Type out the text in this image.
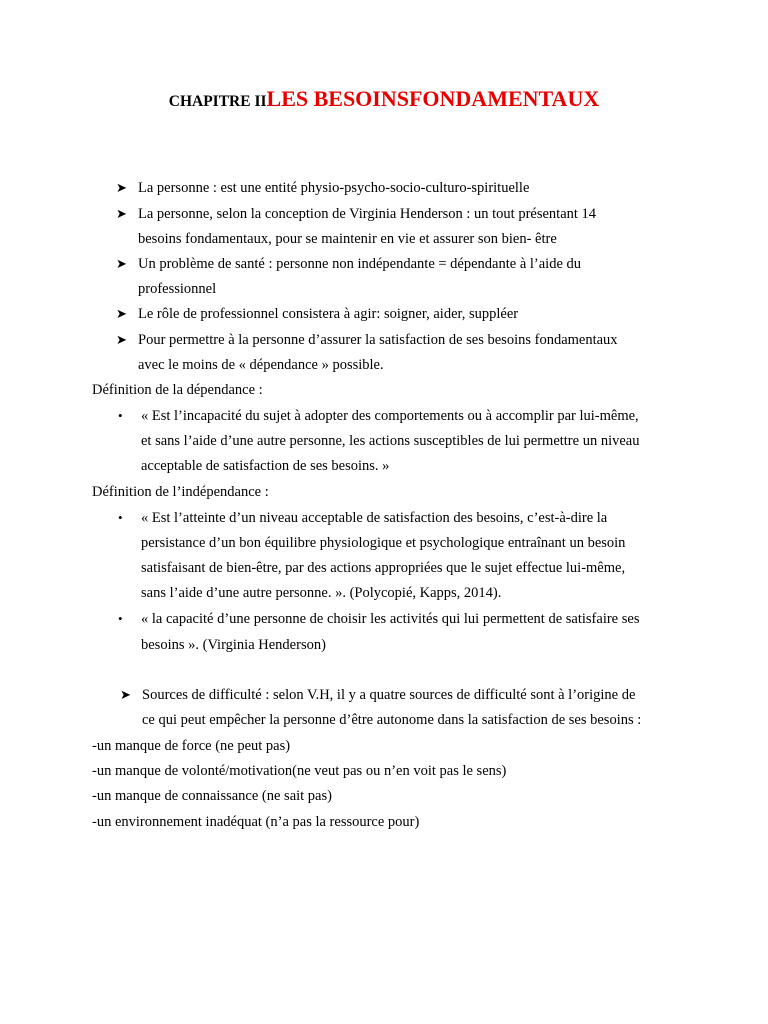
CHAPITRE IILES BESOINSFONDAMENTAUX
➤ La personne : est une entité physio-psycho-socio-culturo-spirituelle
➤ La personne, selon la conception de Virginia Henderson : un tout présentant 14
besoins fondamentaux, pour se maintenir en vie et assurer son bien- être
➤ Un problème de santé : personne non indépendante = dépendante à l’aide du
professionnel
➤ Le rôle de professionnel consistera à agir: soigner, aider, suppléer
➤ Pour permettre à la personne d’assurer la satisfaction de ses besoins fondamentaux
avec le moins de « dépendance » possible.
Définition de la dépendance :
• « Est l’incapacité du sujet à adopter des comportements ou à accomplir par lui-même,
et sans l’aide d’une autre personne, les actions susceptibles de lui permettre un niveau
acceptable de satisfaction de ses besoins. »
Définition de l’indépendance :
• « Est l’atteinte d’un niveau acceptable de satisfaction des besoins, c’est-à-dire la
persistance d’un bon équilibre physiologique et psychologique entraînant un besoin
satisfaisant de bien-être, par des actions appropriées que le sujet effectue lui-même,
sans l’aide d’une autre personne. ». (Polycopié, Kapps, 2014).
• « la capacité d’une personne de choisir les activités qui lui permettent de satisfaire ses
besoins ». (Virginia Henderson)
➤ Sources de difficulté : selon V.H, il y a quatre sources de difficulté sont à l’origine de
ce qui peut empêcher la personne d’être autonome dans la satisfaction de ses besoins :
-un manque de force (ne peut pas)
-un manque de volonté/motivation(ne veut pas ou n’en voit pas le sens)
-un manque de connaissance (ne sait pas)
-un environnement inadéquat (n’a pas la ressource pour)
